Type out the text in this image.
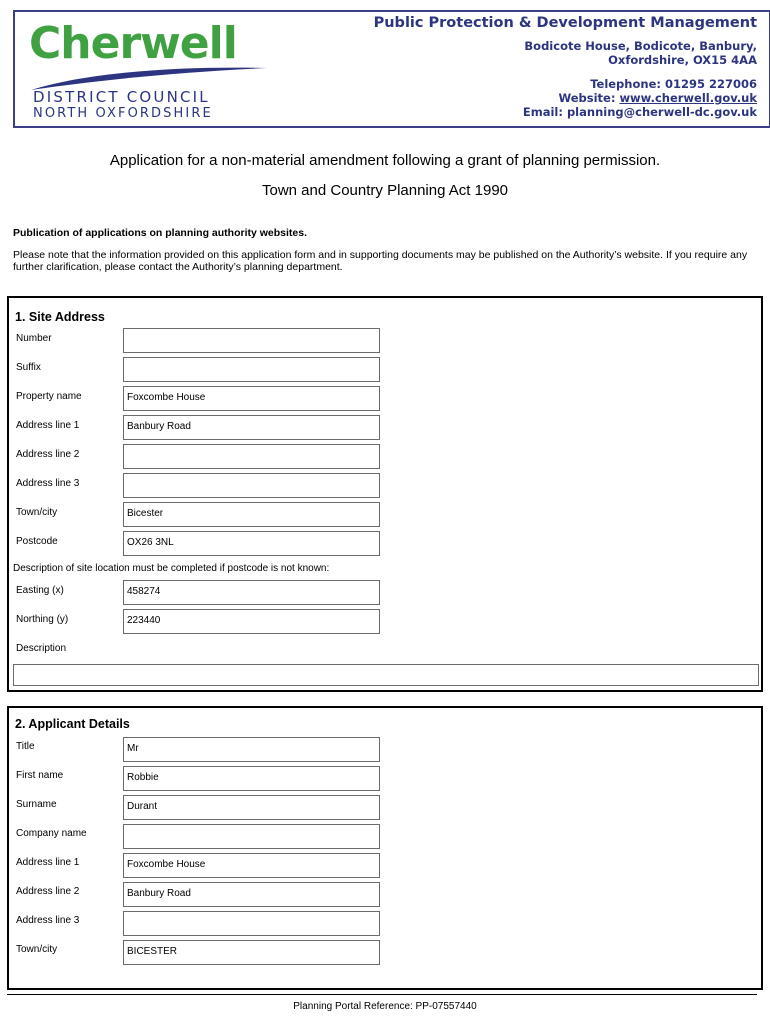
Cherwell
DISTRICT COUNCIL
NORTH OXFORDSHIRE
Public Protection & Development Management
Bodicote House, Bodicote, Banbury,
Oxfordshire, OX15 4AA
Telephone: 01295 227006
Website: www.cherwell.gov.uk
Email: planning@cherwell-dc.gov.uk
Application for a non-material amendment following a grant of planning permission.
Town and Country Planning Act 1990
Publication of applications on planning authority websites.
Please note that the information provided on this application form and in supporting documents may be published on the Authority’s website. If you require any further clarification, please contact the Authority’s planning department.
1. Site Address
Number
Suffix
Property name	Foxcombe House
Address line 1	Banbury Road
Address line 2
Address line 3
Town/city	Bicester
Postcode	OX26 3NL
Description of site location must be completed if postcode is not known:
Easting (x)	458274
Northing (y)	223440
Description
2. Applicant Details
Title	Mr
First name	Robbie
Surname	Durant
Company name
Address line 1	Foxcombe House
Address line 2	Banbury Road
Address line 3
Town/city	BICESTER
Planning Portal Reference: PP-07557440
